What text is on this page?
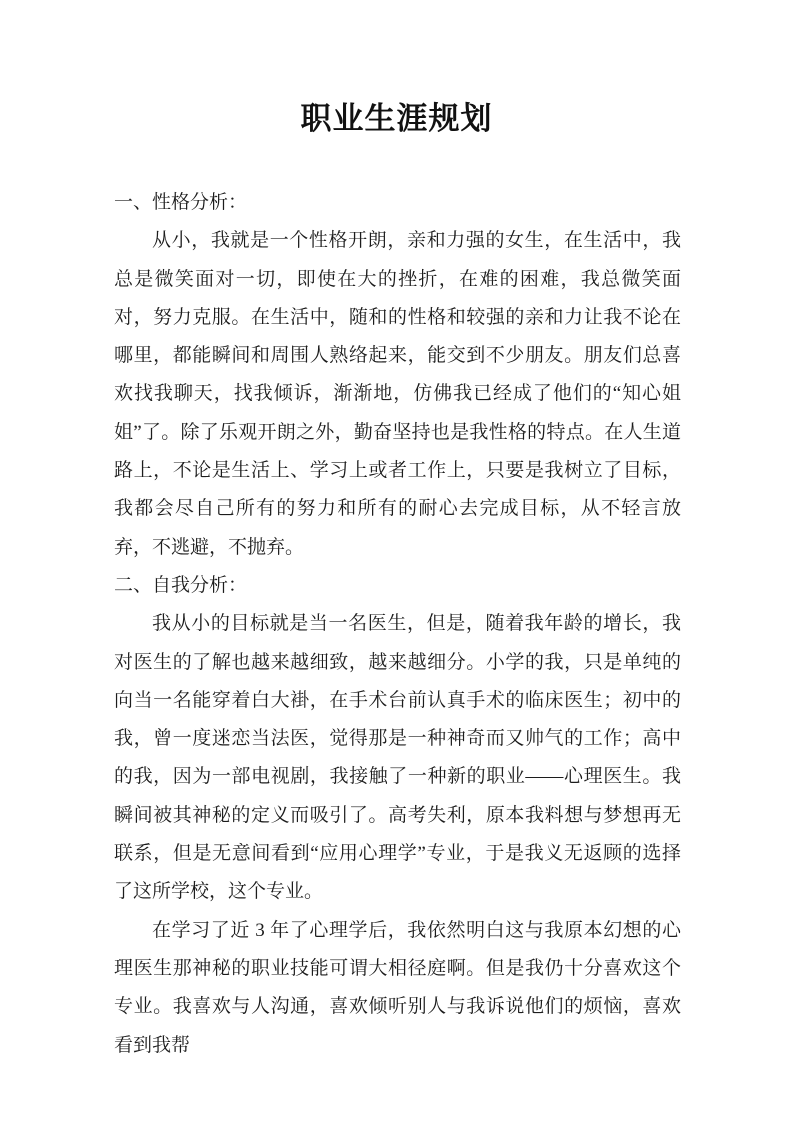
职业生涯规划

一、性格分析：

从小，我就是一个性格开朗，亲和力强的女生，在生活中，我总是微笑面对一切，即使在大的挫折，在难的困难，我总微笑面对，努力克服。在生活中，随和的性格和较强的亲和力让我不论在哪里，都能瞬间和周围人熟络起来，能交到不少朋友。朋友们总喜欢找我聊天，找我倾诉，渐渐地，仿佛我已经成了他们的“知心姐姐”了。除了乐观开朗之外，勤奋坚持也是我性格的特点。在人生道路上，不论是生活上、学习上或者工作上，只要是我树立了目标，我都会尽自己所有的努力和所有的耐心去完成目标，从不轻言放弃，不逃避，不抛弃。

二、自我分析：

我从小的目标就是当一名医生，但是，随着我年龄的增长，我对医生的了解也越来越细致，越来越细分。小学的我，只是单纯的向当一名能穿着白大褂，在手术台前认真手术的临床医生；初中的我，曾一度迷恋当法医，觉得那是一种神奇而又帅气的工作；高中的我，因为一部电视剧，我接触了一种新的职业——心理医生。我瞬间被其神秘的定义而吸引了。高考失利，原本我料想与梦想再无联系，但是无意间看到“应用心理学”专业，于是我义无返顾的选择了这所学校，这个专业。

在学习了近 3 年了心理学后，我依然明白这与我原本幻想的心理医生那神秘的职业技能可谓大相径庭啊。但是我仍十分喜欢这个专业。我喜欢与人沟通，喜欢倾听别人与我诉说他们的烦恼，喜欢看到我帮
